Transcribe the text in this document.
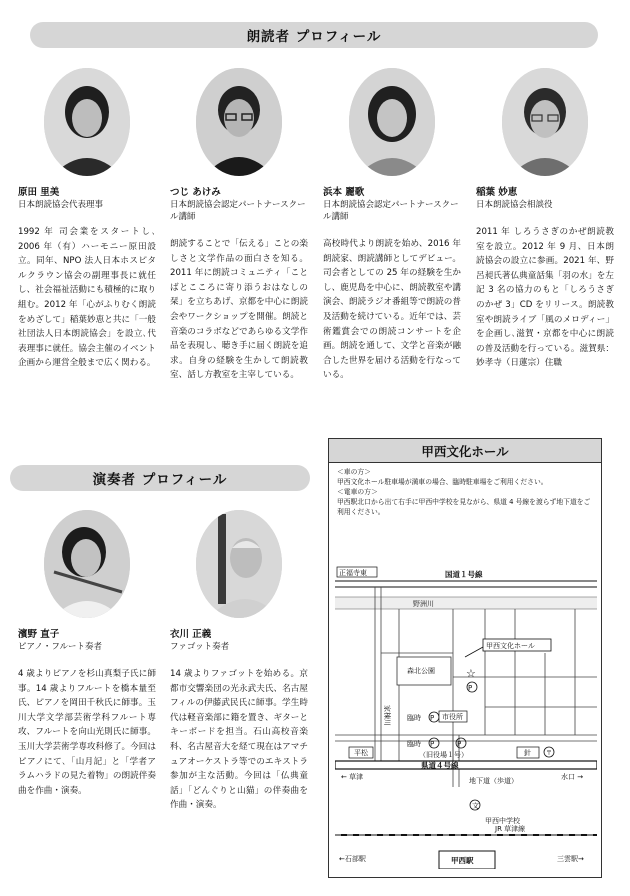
朗読者 プロフィール
原田 里美
日本朗読協会代表理事
1992 年 司会業をスタートし､2006 年（有）ハーモニー原田設立。同年、NPO 法人日本ホスピタルクラウン協会の副理事長に就任し、社会福祉活動にも積極的に取り組む。2012 年「心がふりむく朗読をめざして」稲葉妙恵と共に「一般社団法人日本朗読協会」を設立､代表理事に就任。協会主催のイベント企画から運営全般まで広く関わる。
つじ あけみ
日本朗読協会認定パートナースクール講師
朗読することで「伝える」ことの楽しさと文学作品の面白さを知る。2011 年に朗読コミュニティ「ことばとこころに寄り添うおはなしの栞」を立ちあげ、京都を中心に朗読会やワークショップを開催。朗読と音楽のコラボなどであらゆる文学作品を表現し、聴き手に届く朗読を追求。自身の経験を生かして朗読教室、話し方教室を主宰している。
浜本 麗歌
日本朗読協会認定パートナースクール講師
高校時代より朗読を始め、2016 年朗読家、朗読講師としてデビュー。司会者としての 25 年の経験を生かし、鹿児島を中心に、朗読教室や講演会、朗読ラジオ番組等で朗読の普及活動を続けている。近年では、芸術鑑賞会での朗読コンサートを企画。朗読を通して、文学と音楽が融合した世界を届ける活動を行なっている。
稲葉 妙恵
日本朗読協会相談役
2011 年 しろうさぎのかぜ朗読教室を設立。2012 年 9 月、日本朗読協会の設立に参画。2021 年、野呂昶氏著仏典童話集「羽の水」を左記 3 名の協力のもと「しろうさぎのかぜ 3」CD をリリース。朗読教室や朗読ライブ「風のメロディー」を企画し､滋賀・京都を中心に朗読の普及活動を行っている。滋賀県：妙孝寺（日蓮宗）住職
演奏者 プロフィール
濱野 直子
ピアノ・フルート奏者
4 歳よりピアノを杉山真梨子氏に師事。14 歳よりフルートを橋本量至氏、ピアノを岡田千秋氏に師事。玉川大学文学部芸術学科フルート専攻、フルートを向山光則氏に師事。玉川大学芸術学専攻科修了。今回はピアノにて､「山月記」と「学者アラムハラドの見た着物」の朗読伴奏曲を作曲・演奏。
衣川 正義
ファゴット奏者
14 歳よりファゴットを始める。京都市交響楽団の光永武夫氏、名古屋フィルの伊藤武民氏に師事。学生時代は軽音楽部に籍を置き、ギターとキーボードを担当。石山高校音楽科、名古屋音大を経て現在はアマチュアオーケストラ等でのエキストラ参加が主な活動。今回は「仏典童話」「どんぐりと山猫」の伴奏曲を作曲・演奏。
甲西文化ホール
＜車の方＞
甲西文化ホール駐車場が満車の場合、臨時駐車場をご利用ください。
＜電車の方＞
甲西駅北口から出て右手に甲西中学校を見ながら、県道 4 号線を渡らず地下道をご利用ください。
☆
文
〒
正福寺東	国道１号線
野洲川
甲西文化ホール
森北公園
P
家棟川 臨時 P 市役所
臨時 P	P
平松	（旧役場１号）	針
← 草津
県道４号線
水口 →
地下道（歩道）
甲西中学校
JR 草津線
←石部駅	甲西駅	三雲駅→
